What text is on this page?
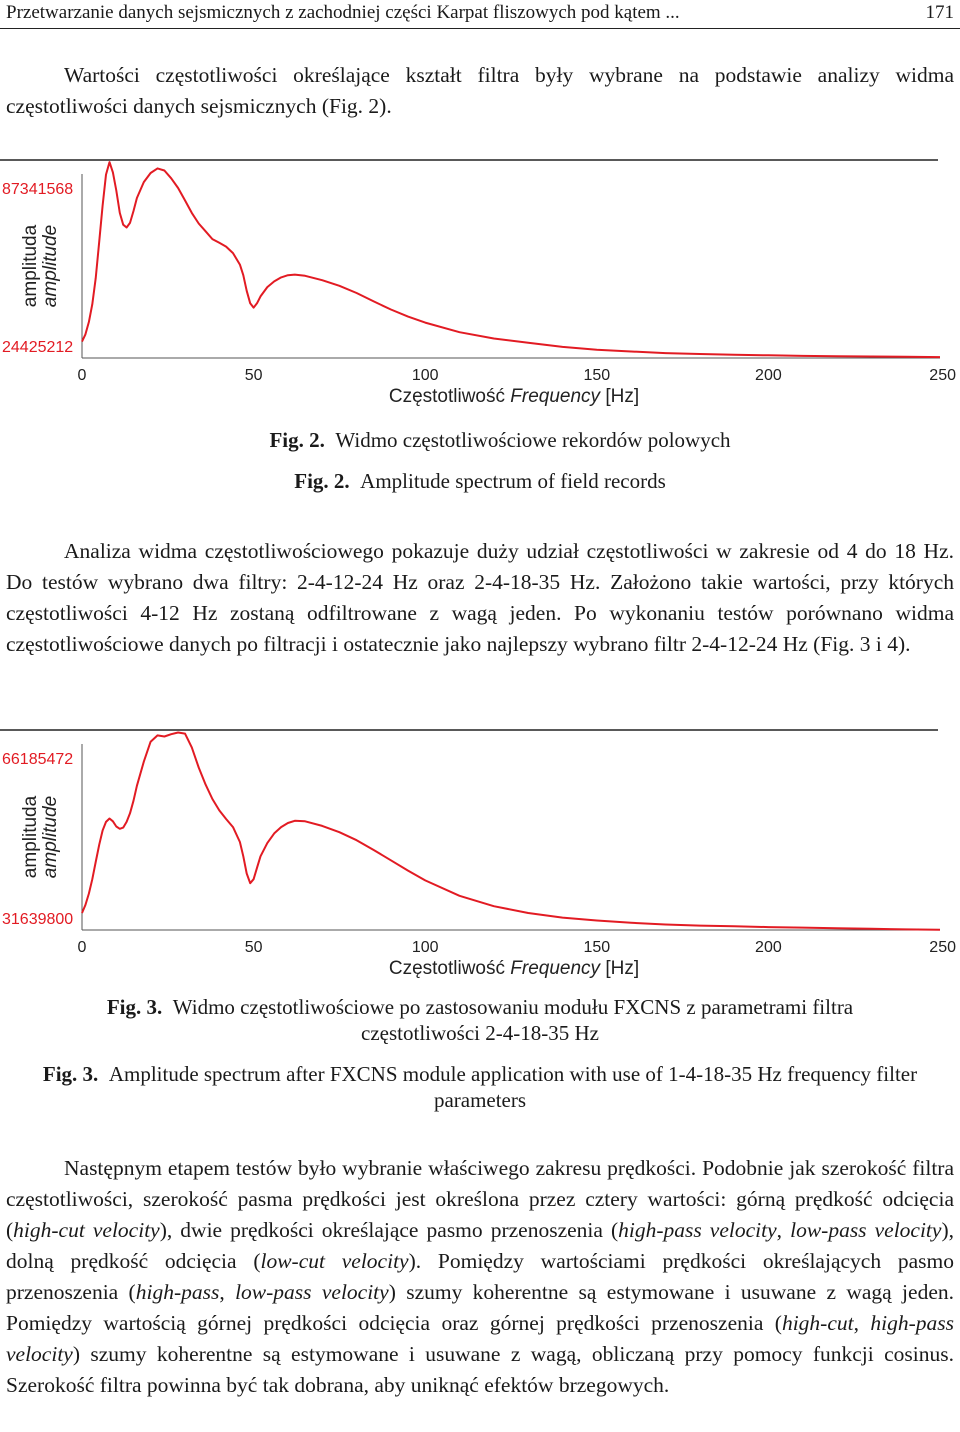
Przetwarzanie danych sejsmicznych z zachodniej części Karpat fliszowych pod kątem ...	171

Wartości częstotliwości określające kształt filtra były wybrane na podstawie analizy widma częstotliwości danych sejsmicznych (Fig. 2).

87341568
24425212
amplituda amplitude
0	50	100	150	200	250
Częstotliwość Frequency [Hz]
Fig. 2. Widmo częstotliwościowe rekordów polowych
Fig. 2. Amplitude spectrum of field records

Analiza widma częstotliwościowego pokazuje duży udział częstotliwości w zakresie od 4 do 18 Hz. Do testów wybrano dwa filtry: 2-4-12-24 Hz oraz 2-4-18-35 Hz. Założono takie wartości, przy których częstotliwości 4-12 Hz zostaną odfiltrowane z wagą jeden. Po wykonaniu testów porównano widma częstotliwościowe danych po filtracji i ostatecznie jako najlepszy wybrano filtr 2-4-12-24 Hz (Fig. 3 i 4).

66185472
31639800
amplituda amplitude
0	50	100	150	200	250
Częstotliwość Frequency [Hz]
Fig. 3. Widmo częstotliwościowe po zastosowaniu modułu FXCNS z parametrami filtra częstotliwości 2-4-18-35 Hz
Fig. 3. Amplitude spectrum after FXCNS module application with use of 1-4-18-35 Hz frequency filter parameters

Następnym etapem testów było wybranie właściwego zakresu prędkości. Podobnie jak szerokość filtra częstotliwości, szerokość pasma prędkości jest określona przez cztery wartości: górną prędkość odcięcia (high-cut velocity), dwie prędkości określające pasmo przenoszenia (high-pass velocity, low-pass velocity), dolną prędkość odcięcia (low-cut velocity). Pomiędzy wartościami prędkości określających pasmo przenoszenia (high-pass, low-pass velocity) szumy koherentne są estymowane i usuwane z wagą jeden. Pomiędzy wartością górnej prędkości odcięcia oraz górnej prędkości przenoszenia (high-cut, high-pass velocity) szumy koherentne są estymowane i usuwane z wagą, obliczaną przy pomocy funkcji cosinus. Szerokość filtra powinna być tak dobrana, aby uniknąć efektów brzegowych.
